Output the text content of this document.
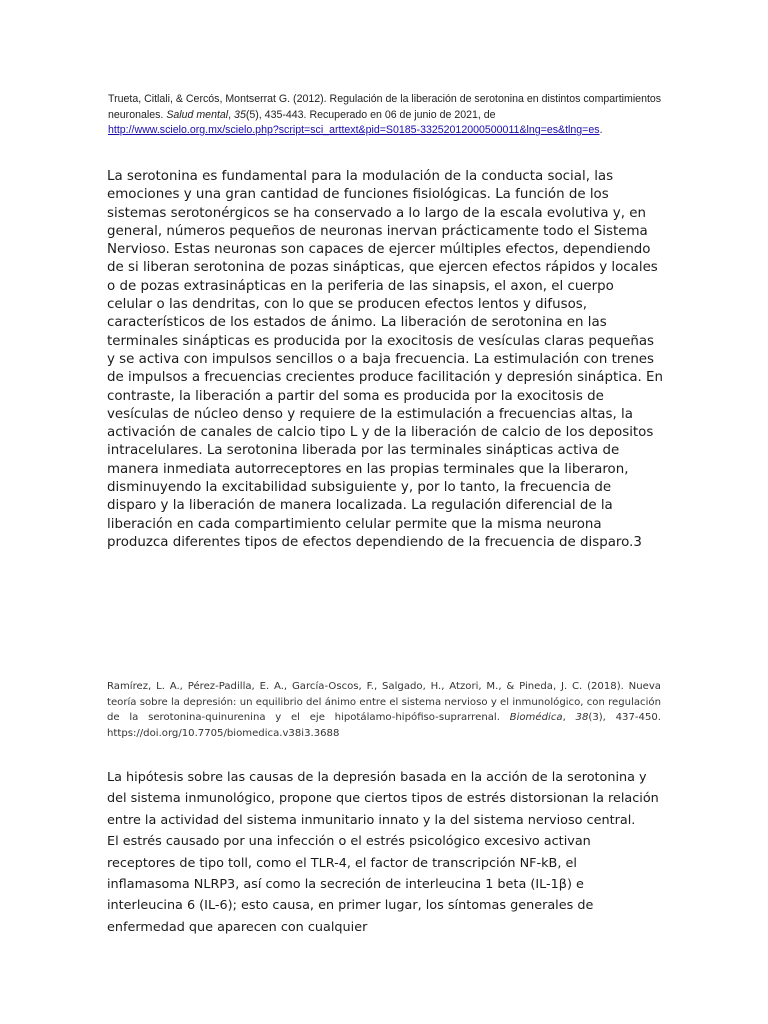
Trueta, Citlali, & Cercós, Montserrat G. (2012). Regulación de la liberación de serotonina en distintos compartimientos neuronales. Salud mental, 35(5), 435-443. Recuperado en 06 de junio de 2021, de
http://www.scielo.org.mx/scielo.php?script=sci_arttext&pid=S0185-33252012000500011&lng=es&tlng=es.

La serotonina es fundamental para la modulación de la conducta social, las emociones y una gran cantidad de funciones fisiológicas. La función de los sistemas serotonérgicos se ha conservado a lo largo de la escala evolutiva y, en general, números pequeños de neuronas inervan prácticamente todo el Sistema Nervioso. Estas neuronas son capaces de ejercer múltiples efectos, dependiendo de si liberan serotonina de pozas sinápticas, que ejercen efectos rápidos y locales o de pozas extrasinápticas en la periferia de las sinapsis, el axon, el cuerpo celular o las dendritas, con lo que se producen efectos lentos y difusos, característicos de los estados de ánimo. La liberación de serotonina en las terminales sinápticas es producida por la exocitosis de vesículas claras pequeñas y se activa con impulsos sencillos o a baja frecuencia. La estimulación con trenes de impulsos a frecuencias crecientes produce facilitación y depresión sináptica. En contraste, la liberación a partir del soma es producida por la exocitosis de vesículas de núcleo denso y requiere de la estimulación a frecuencias altas, la activación de canales de calcio tipo L y de la liberación de calcio de los depositos intracelulares. La serotonina liberada por las terminales sinápticas activa de manera inmediata autorreceptores en las propias terminales que la liberaron, disminuyendo la excitabilidad subsiguiente y, por lo tanto, la frecuencia de disparo y la liberación de manera localizada. La regulación diferencial de la liberación en cada compartimiento celular permite que la misma neurona produzca diferentes tipos de efectos dependiendo de la frecuencia de disparo.3

Ramírez, L. A., Pérez-Padilla, E. A., García-Oscos, F., Salgado, H., Atzori, M., & Pineda, J. C. (2018). Nueva teoría sobre la depresión: un equilibrio del ánimo entre el sistema nervioso y el inmunológico, con regulación de la serotonina-quinurenina y el eje hipotálamo-hipófiso-suprarrenal. Biomédica, 38(3), 437-450. https://doi.org/10.7705/biomedica.v38i3.3688

La hipótesis sobre las causas de la depresión basada en la acción de la serotonina y del sistema inmunológico, propone que ciertos tipos de estrés distorsionan la relación entre la actividad del sistema inmunitario innato y la del sistema nervioso central.

El estrés causado por una infección o el estrés psicológico excesivo activan receptores de tipo toll, como el TLR-4, el factor de transcripción NF-kB, el inflamasoma NLRP3, así como la secreción de interleucina 1 beta (IL-1β) e interleucina 6 (IL-6); esto causa, en primer lugar, los síntomas generales de enfermedad que aparecen con cualquier
